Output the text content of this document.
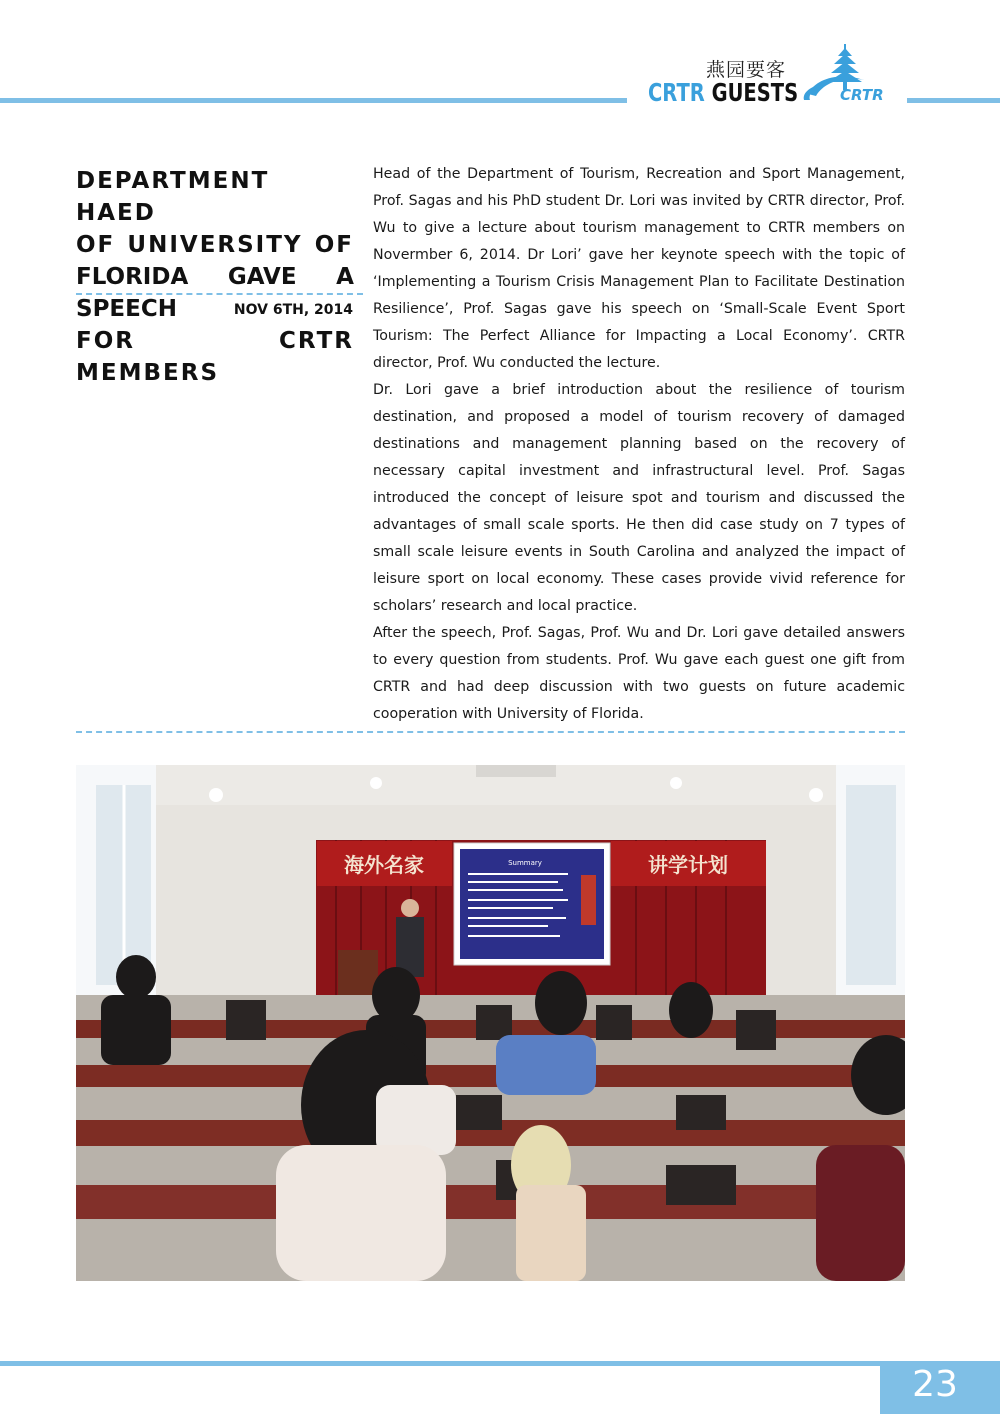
燕园要客
CRTR GUESTS	CRTR
DEPARTMENT HAED
OF UNIVERSITY OF
FLORIDA GAVE A SPEECH
FOR CRTR MEMBERS
NOV 6TH, 2014

Head of the Department of Tourism, Recreation and Sport Management, Prof. Sagas and his PhD student Dr. Lori was invited by CRTR director, Prof. Wu to give a lecture about tourism management to CRTR members on Novermber 6, 2014. Dr Lori’ gave her keynote speech with the topic of ‘Implementing a Tourism Crisis Management Plan to Facilitate Destination Resilience’, Prof. Sagas gave his speech on ‘Small-Scale Event Sport Tourism: The Perfect Alliance for Impacting a Local Economy’. CRTR director, Prof. Wu conducted the lecture.

Dr. Lori gave a brief introduction about the resilience of tourism destination, and proposed a model of tourism recovery of damaged destinations and management planning based on the recovery of necessary capital investment and infrastructural level. Prof. Sagas introduced the concept of leisure spot and tourism and discussed the advantages of small scale sports. He then did case study on 7 types of small scale leisure events in South Carolina and analyzed the impact of leisure sport on local economy. These cases provide vivid reference for scholars’ research and local practice.

After the speech, Prof. Sagas, Prof. Wu and Dr. Lori gave detailed answers to every question from students. Prof. Wu gave each guest one gift from CRTR and had deep discussion with two guests on future academic cooperation with University of Florida.

海外名家	讲学计划
Summary
23
